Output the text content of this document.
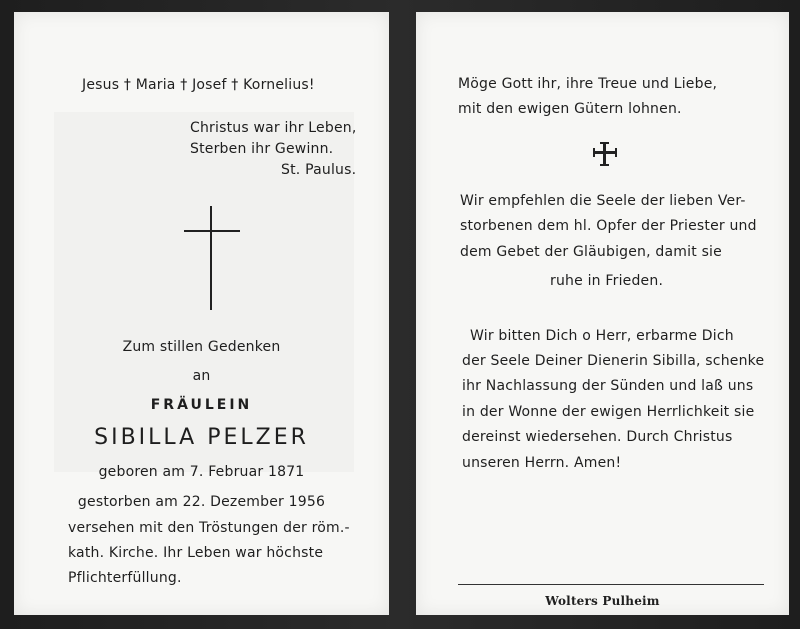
Jesus † Maria † Josef † Kornelius!
Christus war ihr Leben,
Sterben ihr Gewinn.
St. Paulus.
Zum stillen Gedenken
an
FRÄULEIN
SIBILLA PELZER
geboren am 7. Februar 1871
gestorben am 22. Dezember 1956
versehen mit den Tröstungen der röm.-
kath. Kirche. Ihr Leben war höchste
Pflichterfüllung.
Möge Gott ihr, ihre Treue und Liebe,
mit den ewigen Gütern lohnen.
Wir empfehlen die Seele der lieben Ver-
storbenen dem hl. Opfer der Priester und
dem Gebet der Gläubigen, damit sie
ruhe in Frieden.
Wir bitten Dich o Herr, erbarme Dich
der Seele Deiner Dienerin Sibilla, schenke
ihr Nachlassung der Sünden und laß uns
in der Wonne der ewigen Herrlichkeit sie
dereinst wiedersehen. Durch Christus
unseren Herrn. Amen!
Wolters Pulheim
